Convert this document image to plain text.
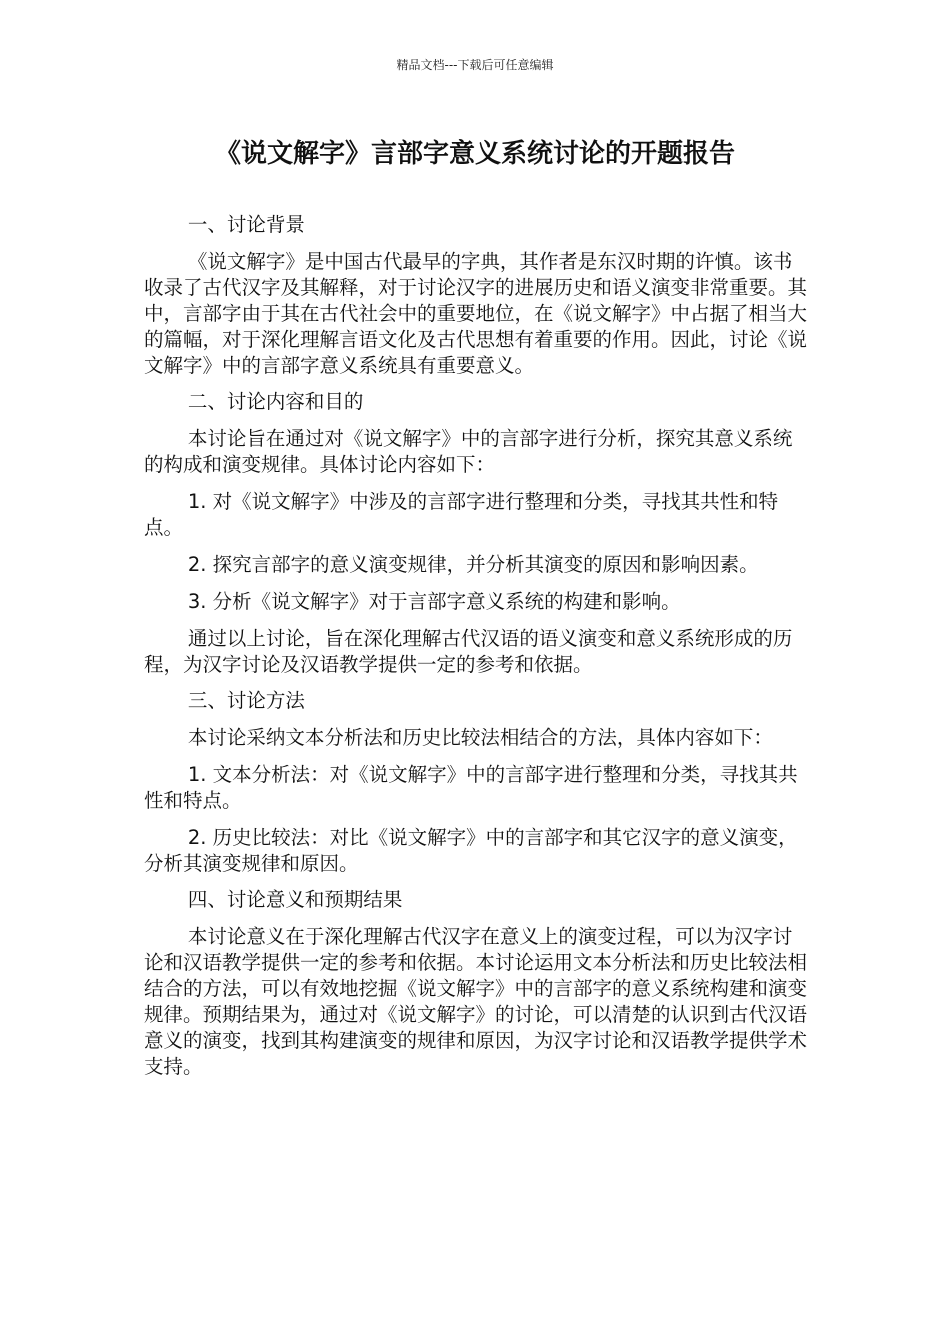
精品文档---下载后可任意编辑
《说文解字》言部字意义系统讨论的开题报告

一、讨论背景

《说文解字》是中国古代最早的字典，其作者是东汉时期的许慎。该书收录了古代汉字及其解释，对于讨论汉字的进展历史和语义演变非常重要。其中，言部字由于其在古代社会中的重要地位，在《说文解字》中占据了相当大的篇幅，对于深化理解言语文化及古代思想有着重要的作用。因此，讨论《说文解字》中的言部字意义系统具有重要意义。

二、讨论内容和目的

本讨论旨在通过对《说文解字》中的言部字进行分析，探究其意义系统的构成和演变规律。具体讨论内容如下：

1. 对《说文解字》中涉及的言部字进行整理和分类，寻找其共性和特点。

2. 探究言部字的意义演变规律，并分析其演变的原因和影响因素。

3. 分析《说文解字》对于言部字意义系统的构建和影响。

通过以上讨论，旨在深化理解古代汉语的语义演变和意义系统形成的历程，为汉字讨论及汉语教学提供一定的参考和依据。

三、讨论方法

本讨论采纳文本分析法和历史比较法相结合的方法，具体内容如下：

1. 文本分析法：对《说文解字》中的言部字进行整理和分类，寻找其共性和特点。

2. 历史比较法：对比《说文解字》中的言部字和其它汉字的意义演变，分析其演变规律和原因。

四、讨论意义和预期结果

本讨论意义在于深化理解古代汉字在意义上的演变过程，可以为汉字讨论和汉语教学提供一定的参考和依据。本讨论运用文本分析法和历史比较法相结合的方法，可以有效地挖掘《说文解字》中的言部字的意义系统构建和演变规律。预期结果为，通过对《说文解字》的讨论，可以清楚的认识到古代汉语意义的演变，找到其构建演变的规律和原因，为汉字讨论和汉语教学提供学术支持。
